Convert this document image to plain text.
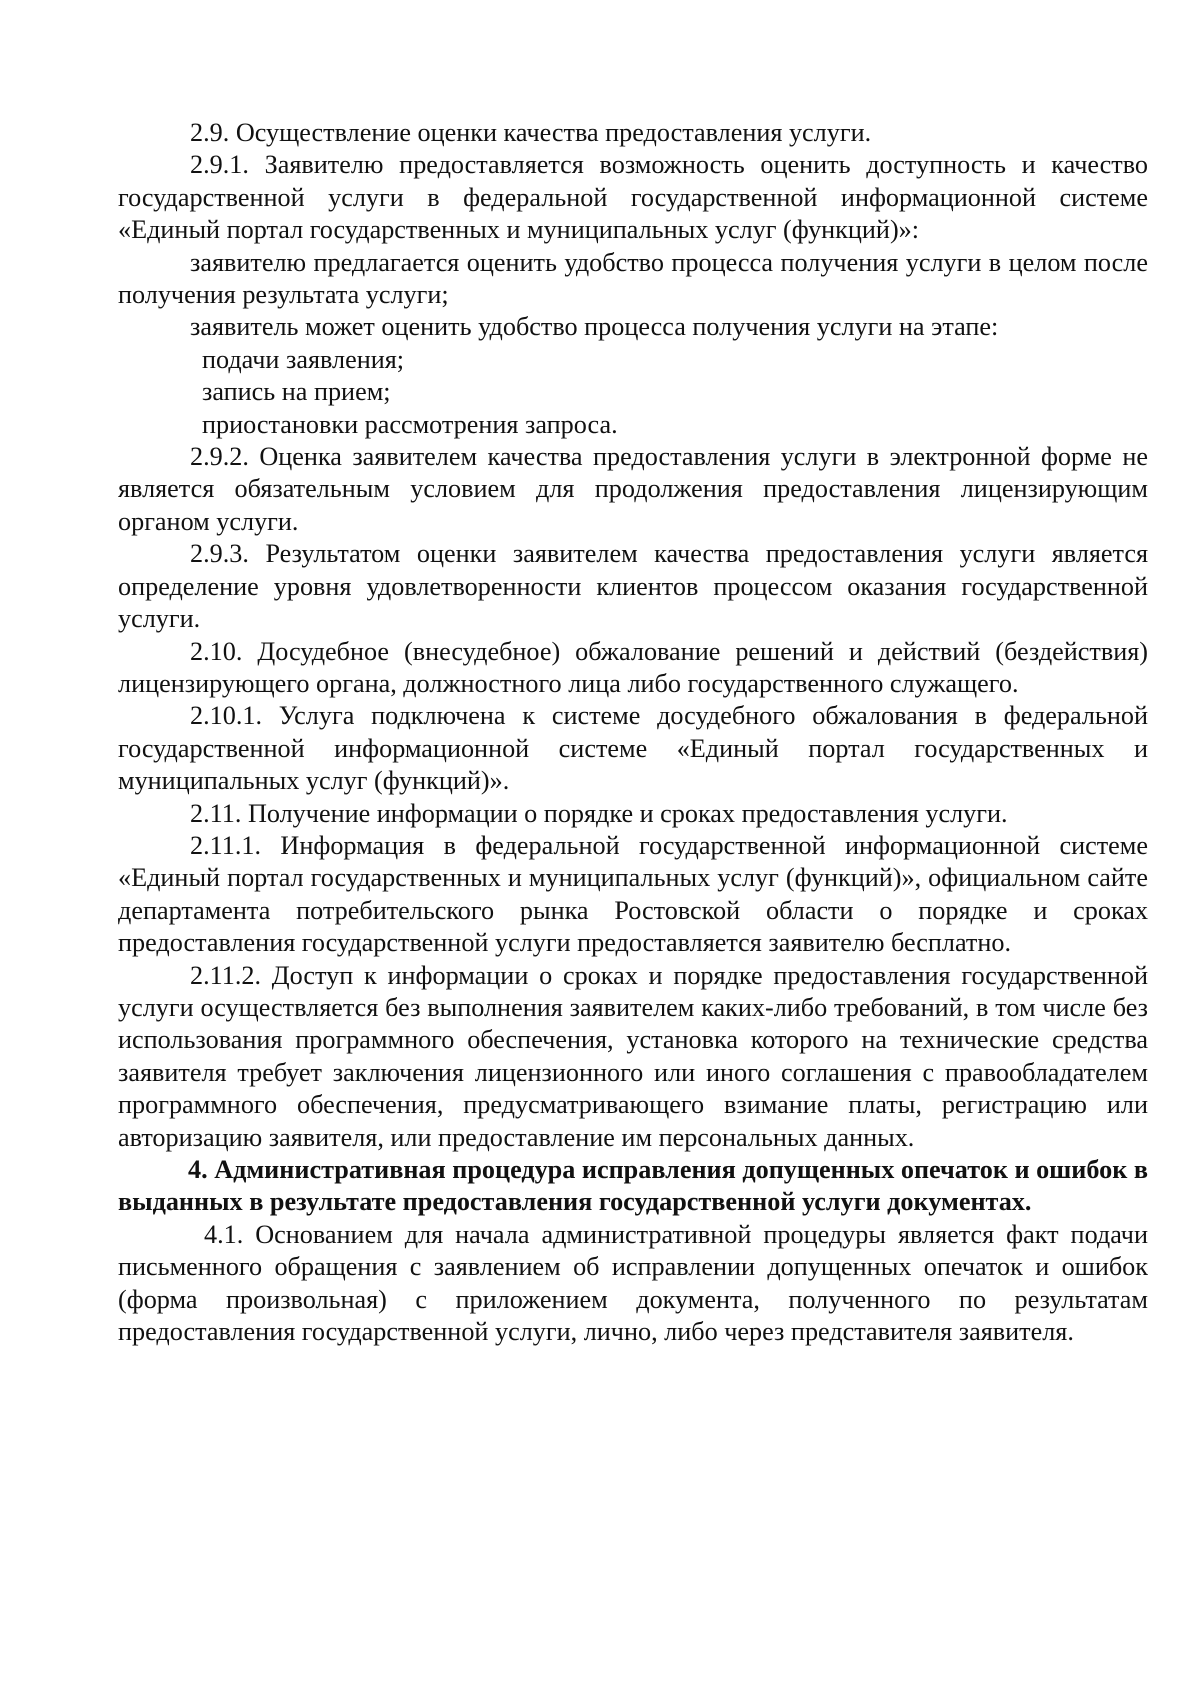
2.9. Осуществление оценки качества предоставления услуги.

2.9.1. Заявителю предоставляется возможность оценить доступность и качество государственной услуги в федеральной государственной информационной системе «Единый портал государственных и муниципальных услуг (функций)»:

заявителю предлагается оценить удобство процесса получения услуги в целом после получения результата услуги;

заявитель может оценить удобство процесса получения услуги на этапе:

подачи заявления;

запись на прием;

приостановки рассмотрения запроса.

2.9.2. Оценка заявителем качества предоставления услуги в электронной форме не является обязательным условием для продолжения предоставления лицензирующим органом услуги.

2.9.3. Результатом оценки заявителем качества предоставления услуги является определение уровня удовлетворенности клиентов процессом оказания государственной услуги.

2.10. Досудебное (внесудебное) обжалование решений и действий (бездействия) лицензирующего органа, должностного лица либо государственного служащего.

2.10.1. Услуга подключена к системе досудебного обжалования в федеральной государственной информационной системе «Единый портал государственных и муниципальных услуг (функций)».

2.11. Получение информации о порядке и сроках предоставления услуги.

2.11.1. Информация в федеральной государственной информационной системе «Единый портал государственных и муниципальных услуг (функций)», официальном сайте департамента потребительского рынка Ростовской области о порядке и сроках предоставления государственной услуги предоставляется заявителю бесплатно.

2.11.2. Доступ к информации о сроках и порядке предоставления государственной услуги осуществляется без выполнения заявителем каких-либо требований, в том числе без использования программного обеспечения, установка которого на технические средства заявителя требует заключения лицензионного или иного соглашения с правообладателем программного обеспечения, предусматривающего взимание платы, регистрацию или авторизацию заявителя, или предоставление им персональных данных.

4. Административная процедура исправления допущенных опечаток и ошибок в выданных в результате предоставления государственной услуги документах.

4.1. Основанием для начала административной процедуры является факт подачи письменного обращения с заявлением об исправлении допущенных опечаток и ошибок (форма произвольная) с приложением документа, полученного по результатам предоставления государственной услуги, лично, либо через представителя заявителя.
